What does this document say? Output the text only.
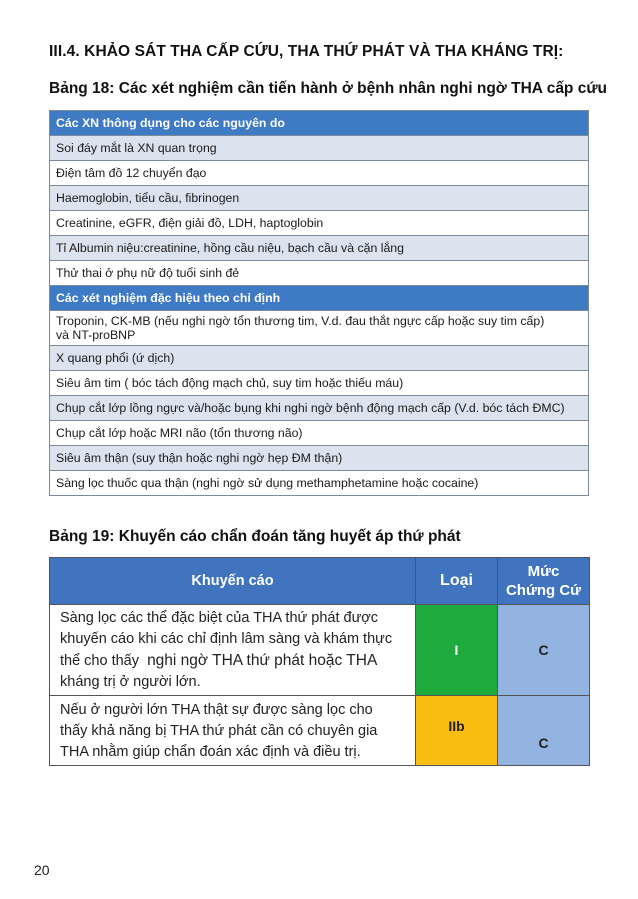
III.4. KHẢO SÁT THA CẤP CỨU, THA THỨ PHÁT VÀ THA KHÁNG TRỊ:
Bảng 18: Các xét nghiệm cần tiến hành ở bệnh nhân nghi ngờ THA cấp cứu
Các XN thông dụng cho các nguyên do
Soi đáy mắt là XN quan trọng
Điện tâm đồ 12 chuyển đạo
Haemoglobin, tiểu cầu, fibrinogen
Creatinine, eGFR, điện giải đồ, LDH, haptoglobin
Tỉ Albumin niệu:creatinine, hồng cầu niệu, bạch cầu và cặn lắng
Thử thai ở phụ nữ độ tuổi sinh đẻ
Các xét nghiệm đặc hiệu theo chỉ định

Troponin, CK-MB (nếu nghi ngờ tổn thương tim, V.d. đau thắt ngực cấp hoặc suy tim cấp)
và NT-proBNP

X quang phổi (ứ dịch)
Siêu âm tim ( bóc tách động mạch chủ, suy tim hoặc thiếu máu)
Chụp cắt lớp lồng ngực và/hoặc bụng khi nghi ngờ bệnh động mạch cấp (V.d. bóc tách ĐMC)
Chụp cắt lớp hoặc MRI não (tổn thương não)
Siêu âm thận (suy thận hoặc nghi ngờ hẹp ĐM thận)
Sàng lọc thuốc qua thận (nghi ngờ sử dụng methamphetamine hoặc cocaine)
Bảng 19: Khuyến cáo chẩn đoán tăng huyết áp thứ phát
Khuyến cáo	Loại	Mức
Chứng Cứ

Sàng lọc các thể đặc biệt của THA thứ phát được
khuyến cáo khi các chỉ định lâm sàng và khám thực
thể cho thấy  nghi ngờ THA thứ phát hoặc THA
kháng trị ở người lớn.	I	C

Nếu ở người lớn THA thật sự được sàng lọc cho
thấy khả năng bị THA thứ phát cần có chuyên gia
THA nhằm giúp chẩn đoán xác định và điều trị.	IIb	C
20
